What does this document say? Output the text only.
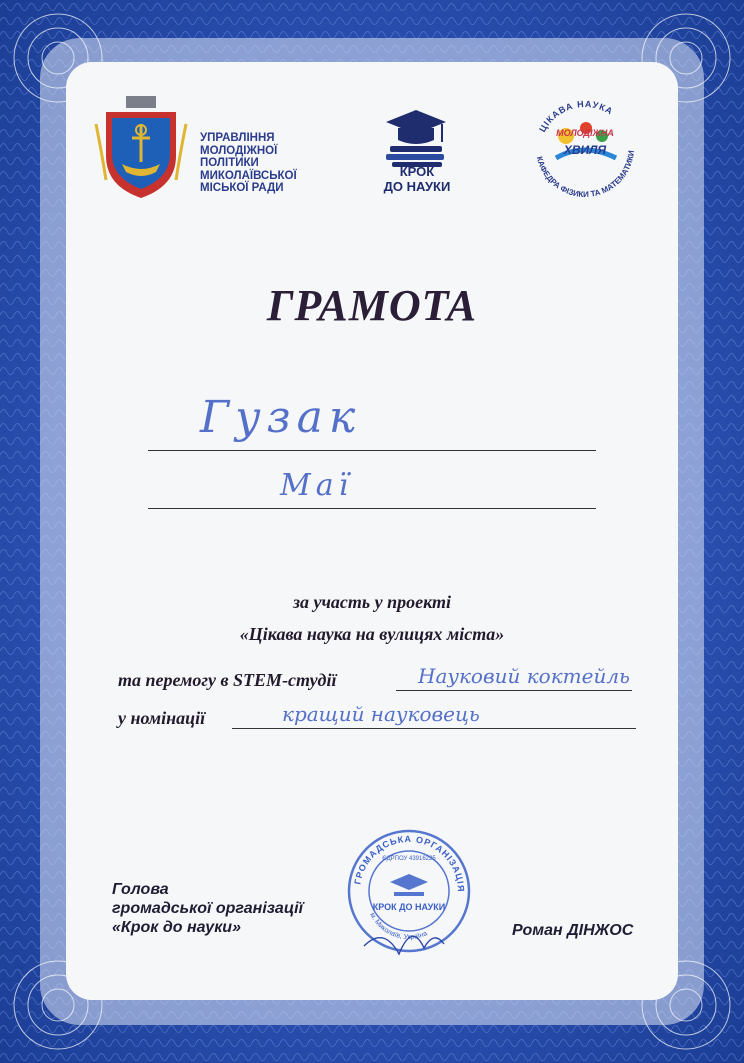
УПРАВЛІННЯ
МОЛОДІЖНОЇ
ПОЛІТИКИ
МИКОЛАЇВСЬКОЇ
МІСЬКОЇ РАДИ
КРОК
ДО НАУКИ
ЦІКАВА НАУКА
КАФЕДРА ФІЗИКИ ТА МАТЕМАТИКИ
МОЛОДІЖНА
ХВИЛЯ
ГРАМОТА
Гузак
Маї
за участь у проекті
«Цікава наука на вулицях міста»
та перемогу в STEM-студії	Науковий коктейль
у номінації	кращий науковець
Голова
громадської організації
«Крок до науки»	Роман ДІНЖОС
ГРОМАДСЬКА ОРГАНІЗАЦІЯ
м. Миколаїв, Україна
ЄДРПОУ 43916225
КРОК ДО НАУКИ
